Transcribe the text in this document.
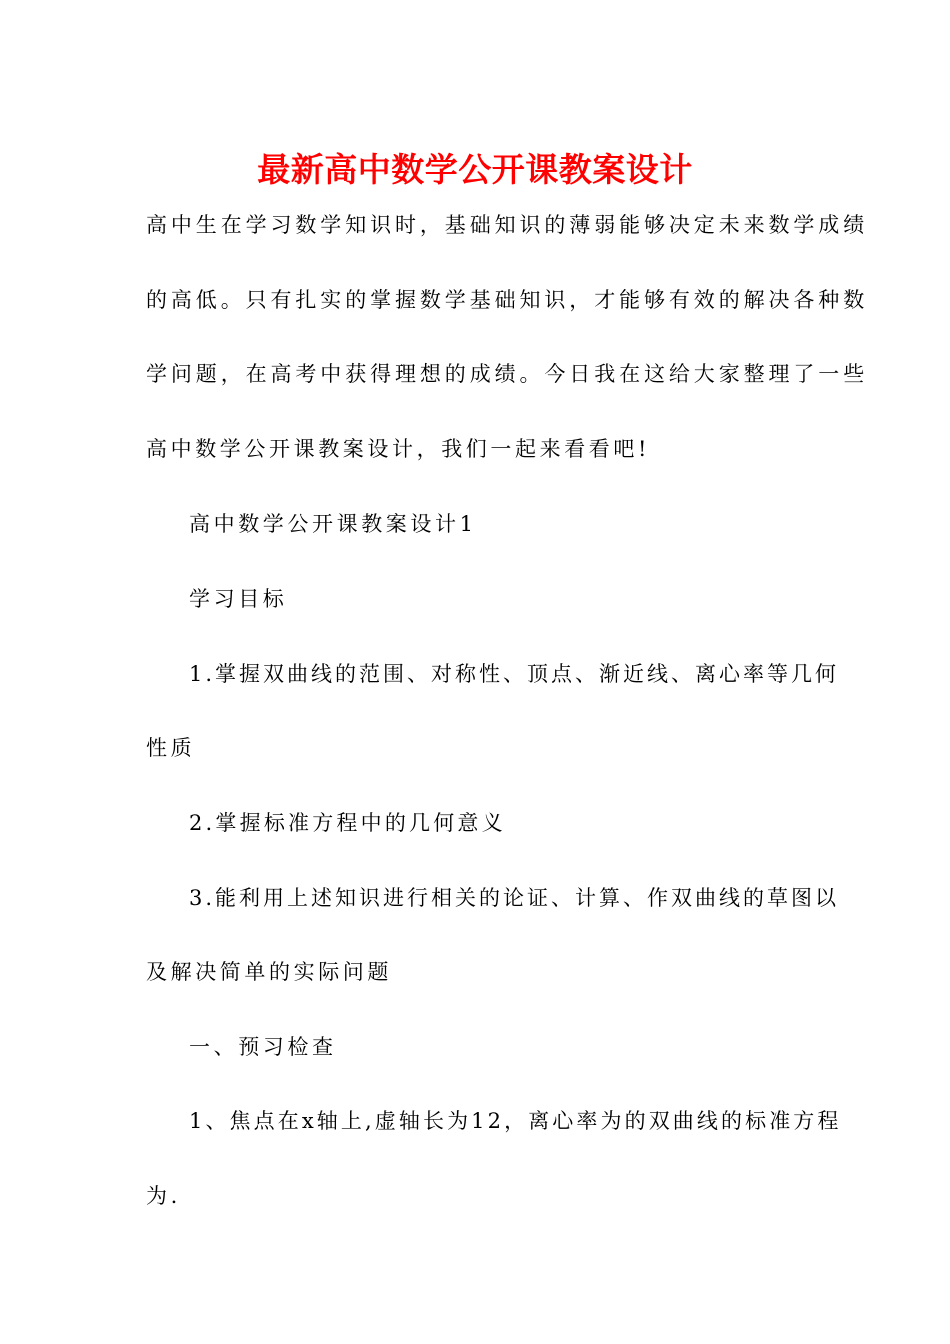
最新高中数学公开课教案设计
高中生在学习数学知识时，基础知识的薄弱能够决定未来数学成绩
的高低。只有扎实的掌握数学基础知识，才能够有效的解决各种数
学问题，在高考中获得理想的成绩。今日我在这给大家整理了一些
高中数学公开课教案设计，我们一起来看看吧!
高中数学公开课教案设计1
学习目标
1.掌握双曲线的范围、对称性、顶点、渐近线、离心率等几何
性质
2.掌握标准方程中的几何意义
3.能利用上述知识进行相关的论证、计算、作双曲线的草图以
及解决简单的实际问题
一、预习检查
1、焦点在x轴上,虚轴长为12，离心率为的双曲线的标准方程
为.
